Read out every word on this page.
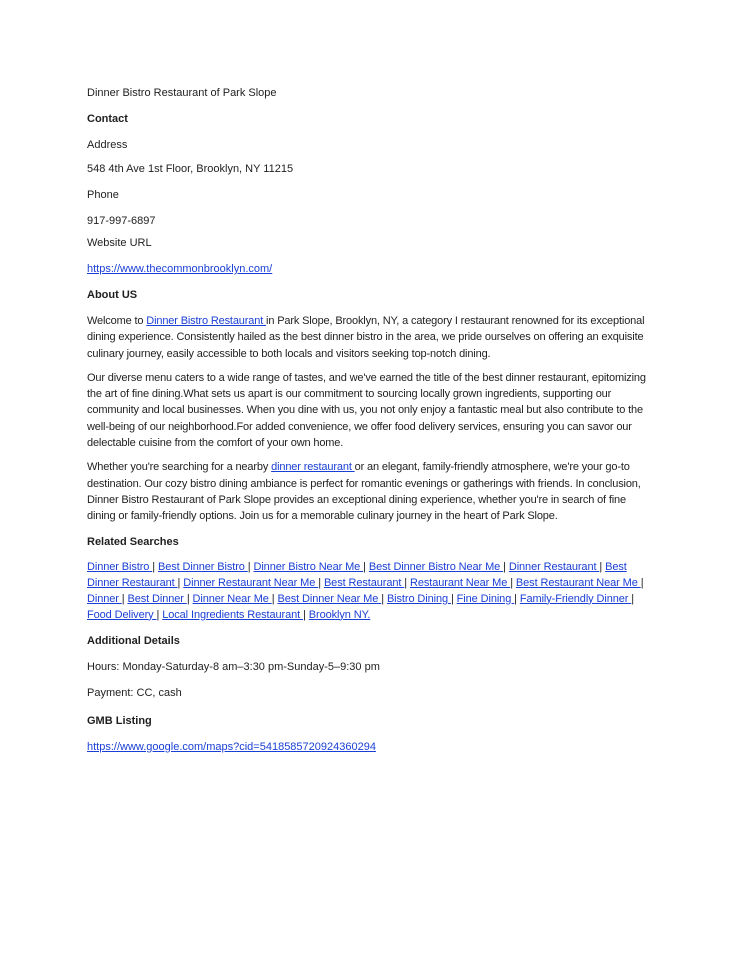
Dinner Bistro Restaurant of Park Slope

Contact

Address

548 4th Ave 1st Floor, Brooklyn, NY 11215

Phone

917-997-6897

Website URL

https://www.thecommonbrooklyn.com/

About US

Welcome to Dinner Bistro Restaurant in Park Slope, Brooklyn, NY, a category I restaurant renowned for its exceptional dining experience. Consistently hailed as the best dinner bistro in the area, we pride ourselves on offering an exquisite culinary journey, easily accessible to both locals and visitors seeking top-notch dining.

Our diverse menu caters to a wide range of tastes, and we've earned the title of the best dinner restaurant, epitomizing the art of fine dining.What sets us apart is our commitment to sourcing locally grown ingredients, supporting our community and local businesses. When you dine with us, you not only enjoy a fantastic meal but also contribute to the well-being of our neighborhood.For added convenience, we offer food delivery services, ensuring you can savor our delectable cuisine from the comfort of your own home.

Whether you're searching for a nearby dinner restaurant or an elegant, family-friendly atmosphere, we're your go-to destination. Our cozy bistro dining ambiance is perfect for romantic evenings or gatherings with friends. In conclusion, Dinner Bistro Restaurant of Park Slope provides an exceptional dining experience, whether you're in search of fine dining or family-friendly options. Join us for a memorable culinary journey in the heart of Park Slope.

Related Searches

Dinner Bistro | Best Dinner Bistro | Dinner Bistro Near Me | Best Dinner Bistro Near Me | Dinner Restaurant | Best Dinner Restaurant | Dinner Restaurant Near Me | Best Restaurant | Restaurant Near Me | Best Restaurant Near Me | Dinner | Best Dinner | Dinner Near Me | Best Dinner Near Me | Bistro Dining | Fine Dining | Family-Friendly Dinner | Food Delivery | Local Ingredients Restaurant | Brooklyn NY.

Additional Details

Hours: Monday-Saturday-8 am–3:30 pm-Sunday-5–9:30 pm

Payment: CC, cash

GMB Listing

https://www.google.com/maps?cid=5418585720924360294
